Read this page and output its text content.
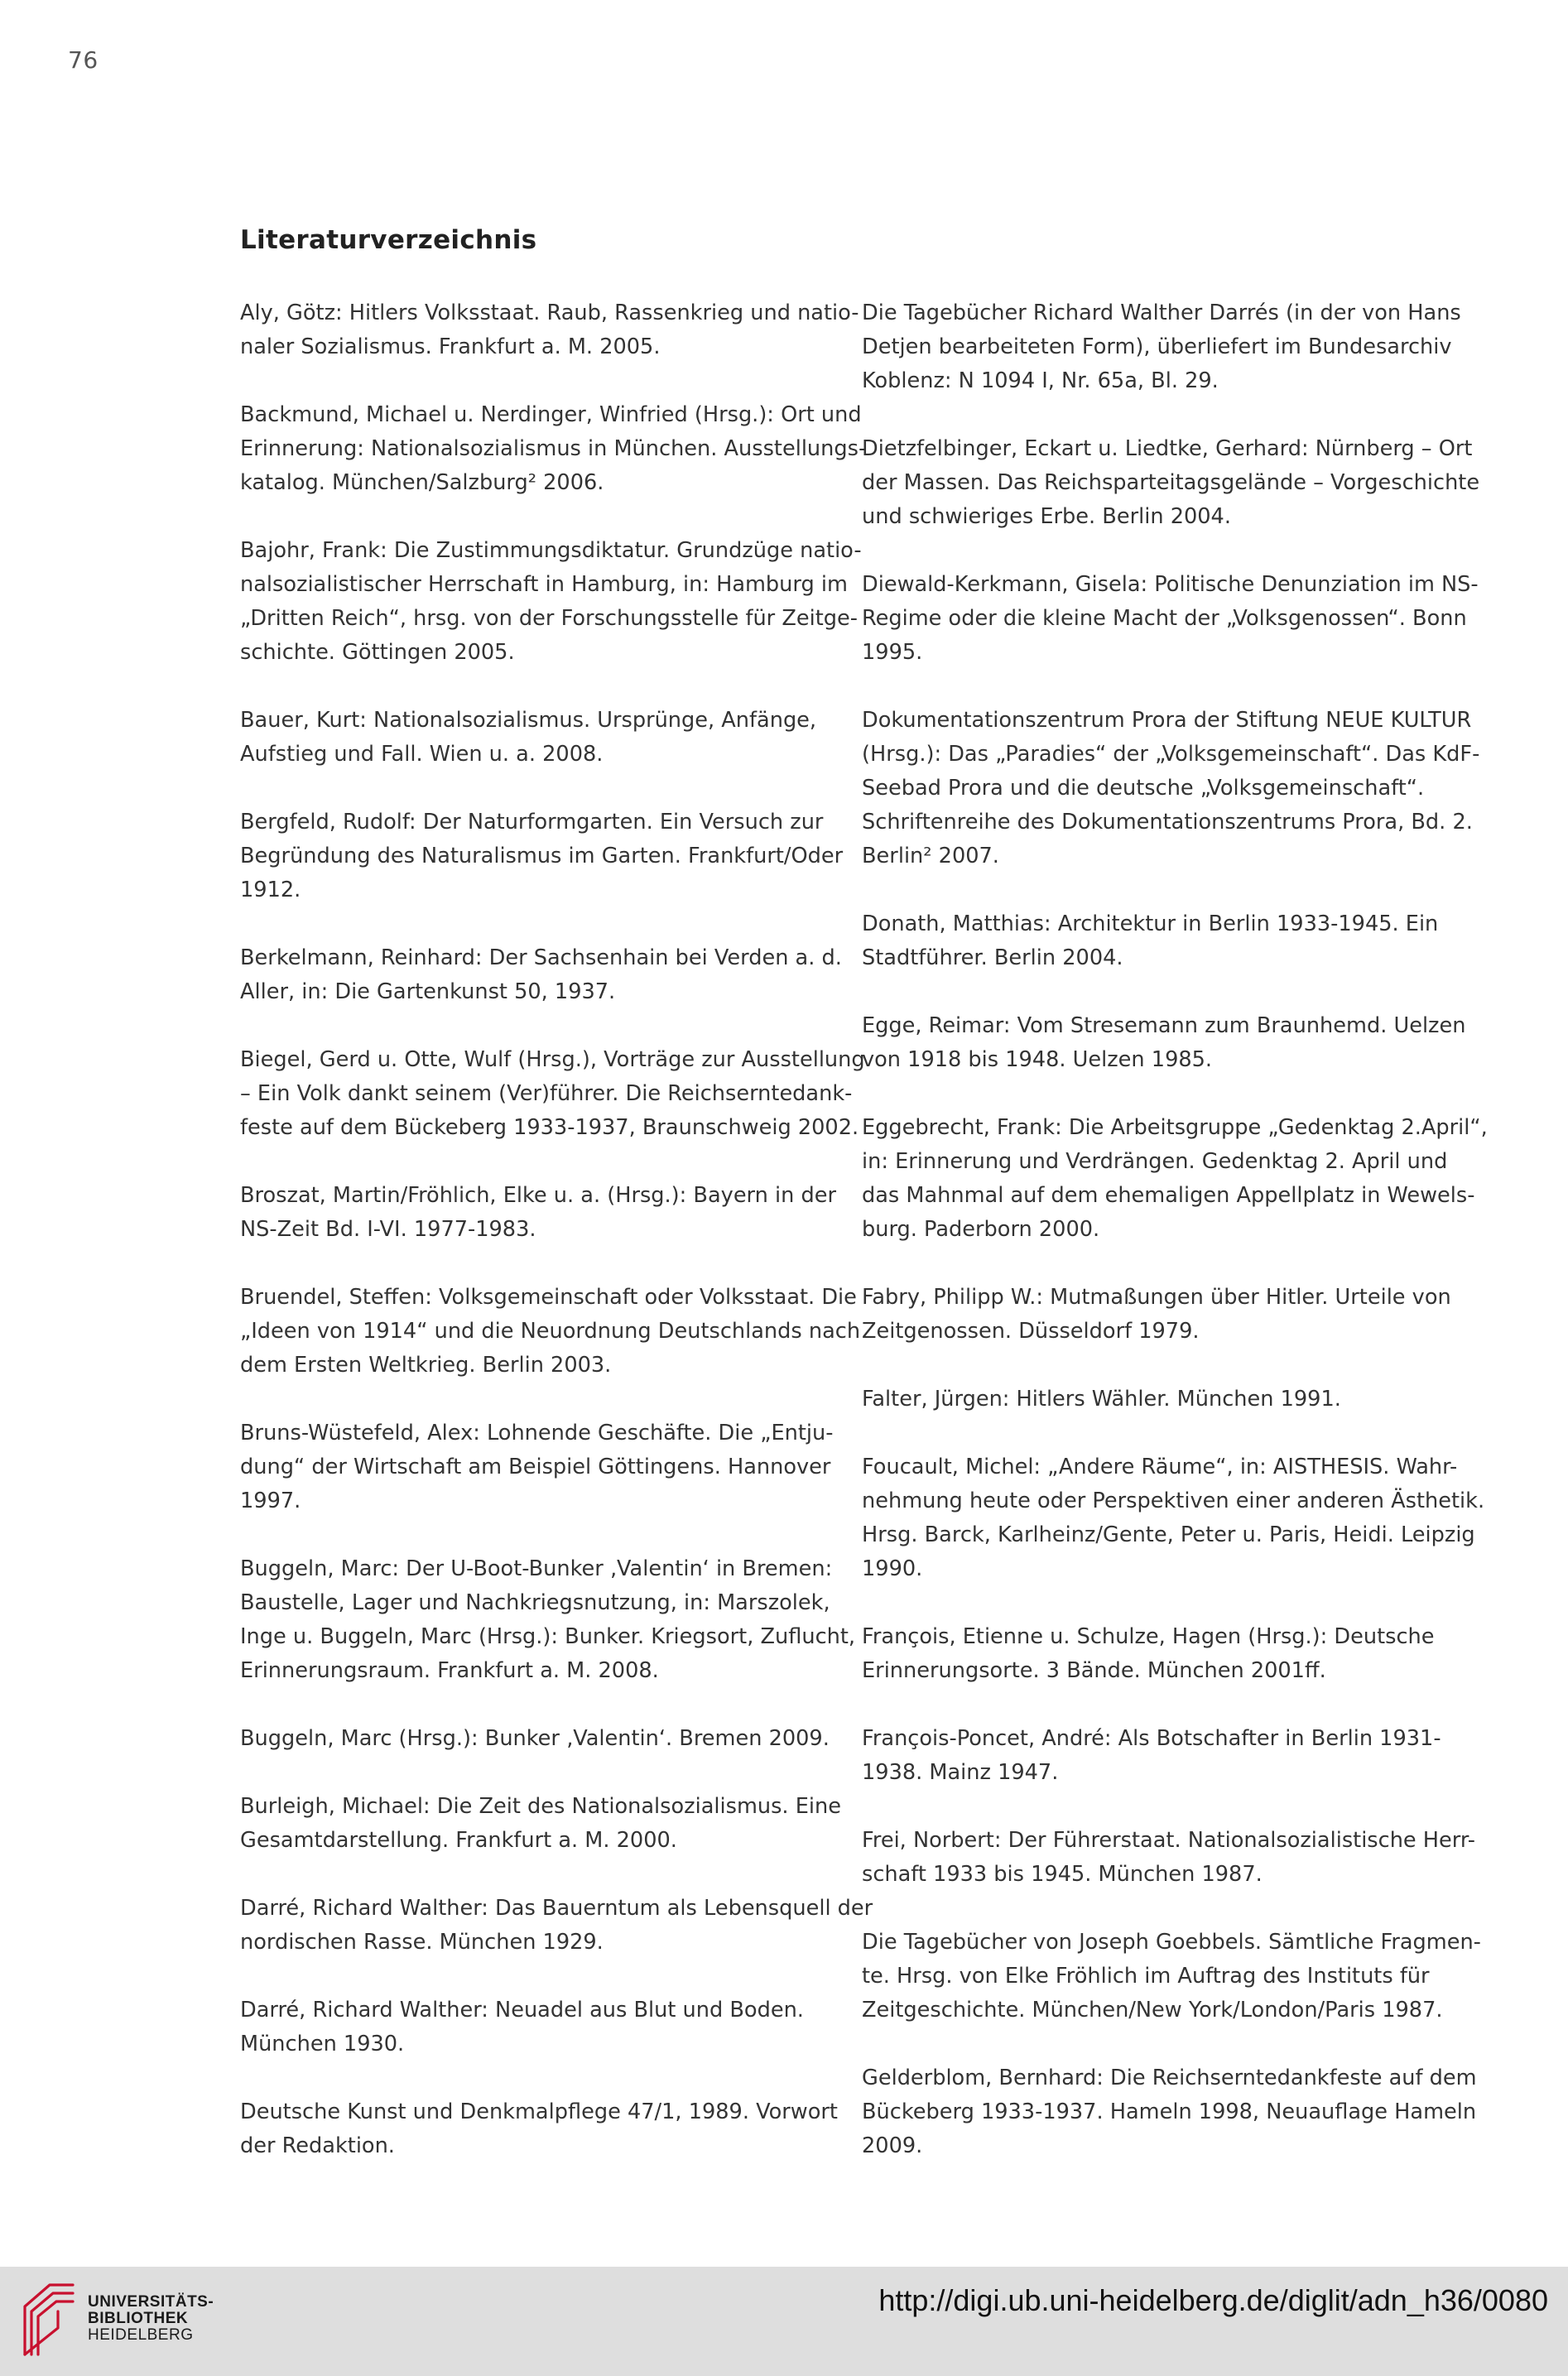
76
Literaturverzeichnis
Aly, Götz: Hitlers Volksstaat. Raub, Rassenkrieg und natio-
naler Sozialismus. Frankfurt a. M. 2005.
Backmund, Michael u. Nerdinger, Winfried (Hrsg.): Ort und
Erinnerung: Nationalsozialismus in München. Ausstellungs-
katalog. München/Salzburg² 2006.
Bajohr, Frank: Die Zustimmungsdiktatur. Grundzüge natio-
nalsozialistischer Herrschaft in Hamburg, in: Hamburg im
„Dritten Reich“, hrsg. von der Forschungsstelle für Zeitge-
schichte. Göttingen 2005.
Bauer, Kurt: Nationalsozialismus. Ursprünge, Anfänge,
Aufstieg und Fall. Wien u. a. 2008.
Bergfeld, Rudolf: Der Naturformgarten. Ein Versuch zur
Begründung des Naturalismus im Garten. Frankfurt/Oder
1912.
Berkelmann, Reinhard: Der Sachsenhain bei Verden a. d.
Aller, in: Die Gartenkunst 50, 1937.
Biegel, Gerd u. Otte, Wulf (Hrsg.), Vorträge zur Ausstellung
– Ein Volk dankt seinem (Ver)führer. Die Reichserntedank-
feste auf dem Bückeberg 1933-1937, Braunschweig 2002.
Broszat, Martin/Fröhlich, Elke u. a. (Hrsg.): Bayern in der
NS-Zeit Bd. I-VI. 1977-1983.
Bruendel, Steffen: Volksgemeinschaft oder Volksstaat. Die
„Ideen von 1914“ und die Neuordnung Deutschlands nach
dem Ersten Weltkrieg. Berlin 2003.
Bruns-Wüstefeld, Alex: Lohnende Geschäfte. Die „Entju-
dung“ der Wirtschaft am Beispiel Göttingens. Hannover
1997.
Buggeln, Marc: Der U-Boot-Bunker ‚Valentin‘ in Bremen:
Baustelle, Lager und Nachkriegsnutzung, in: Marszolek,
Inge u. Buggeln, Marc (Hrsg.): Bunker. Kriegsort, Zuflucht,
Erinnerungsraum. Frankfurt a. M. 2008.
Buggeln, Marc (Hrsg.): Bunker ‚Valentin‘. Bremen 2009.
Burleigh, Michael: Die Zeit des Nationalsozialismus. Eine
Gesamtdarstellung. Frankfurt a. M. 2000.
Darré, Richard Walther: Das Bauerntum als Lebensquell der
nordischen Rasse. München 1929.
Darré, Richard Walther: Neuadel aus Blut und Boden.
München 1930.
Deutsche Kunst und Denkmalpflege 47/1, 1989. Vorwort
der Redaktion.
Die Tagebücher Richard Walther Darrés (in der von Hans
Detjen bearbeiteten Form), überliefert im Bundesarchiv
Koblenz: N 1094 I, Nr. 65a, Bl. 29.
Dietzfelbinger, Eckart u. Liedtke, Gerhard: Nürnberg – Ort
der Massen. Das Reichsparteitagsgelände – Vorgeschichte
und schwieriges Erbe. Berlin 2004.
Diewald-Kerkmann, Gisela: Politische Denunziation im NS-
Regime oder die kleine Macht der „Volksgenossen“. Bonn
1995.
Dokumentationszentrum Prora der Stiftung NEUE KULTUR
(Hrsg.): Das „Paradies“ der „Volksgemeinschaft“. Das KdF-
Seebad Prora und die deutsche „Volksgemeinschaft“.
Schriftenreihe des Dokumentationszentrums Prora, Bd. 2.
Berlin² 2007.
Donath, Matthias: Architektur in Berlin 1933-1945. Ein
Stadtführer. Berlin 2004.
Egge, Reimar: Vom Stresemann zum Braunhemd. Uelzen
von 1918 bis 1948. Uelzen 1985.
Eggebrecht, Frank: Die Arbeitsgruppe „Gedenktag 2.April“,
in: Erinnerung und Verdrängen. Gedenktag 2. April und
das Mahnmal auf dem ehemaligen Appellplatz in Wewels-
burg. Paderborn 2000.
Fabry, Philipp W.: Mutmaßungen über Hitler. Urteile von
Zeitgenossen. Düsseldorf 1979.
Falter, Jürgen: Hitlers Wähler. München 1991.
Foucault, Michel: „Andere Räume“, in: AISTHESIS. Wahr-
nehmung heute oder Perspektiven einer anderen Ästhetik.
Hrsg. Barck, Karlheinz/Gente, Peter u. Paris, Heidi. Leipzig
1990.
François, Etienne u. Schulze, Hagen (Hrsg.): Deutsche
Erinnerungsorte. 3 Bände. München 2001ff.
François-Poncet, André: Als Botschafter in Berlin 1931-
1938. Mainz 1947.
Frei, Norbert: Der Führerstaat. Nationalsozialistische Herr-
schaft 1933 bis 1945. München 1987.
Die Tagebücher von Joseph Goebbels. Sämtliche Fragmen-
te. Hrsg. von Elke Fröhlich im Auftrag des Instituts für
Zeitgeschichte. München/New York/London/Paris 1987.
Gelderblom, Bernhard: Die Reichserntedankfeste auf dem
Bückeberg 1933-1937. Hameln 1998, Neuauflage Hameln
2009.
UNIVERSITÄTS-
BIBLIOTHEK
HEIDELBERG
http://digi.ub.uni-heidelberg.de/diglit/adn_h36/0080
